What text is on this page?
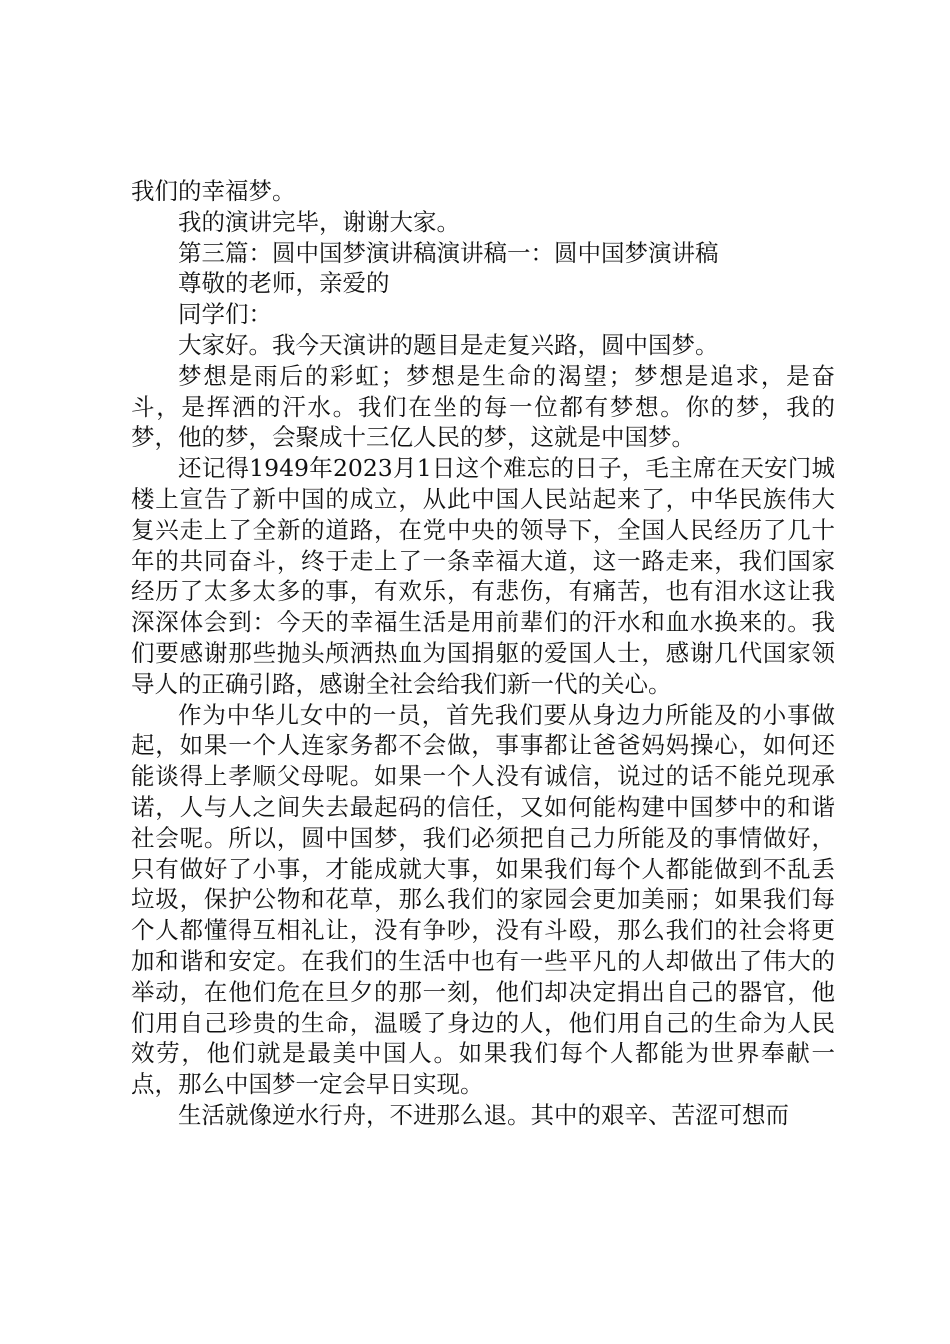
我们的幸福梦。

我的演讲完毕，谢谢大家。

第三篇：圆中国梦演讲稿演讲稿一：圆中国梦演讲稿

尊敬的老师，亲爱的

同学们：

大家好。我今天演讲的题目是走复兴路，圆中国梦。

梦想是雨后的彩虹；梦想是生命的渴望；梦想是追求，是奋斗，是挥洒的汗水。我们在坐的每一位都有梦想。你的梦，我的梦，他的梦，会聚成十三亿人民的梦，这就是中国梦。

还记得1949年2023月1日这个难忘的日子，毛主席在天安门城楼上宣告了新中国的成立，从此中国人民站起来了，中华民族伟大复兴走上了全新的道路，在党中央的领导下，全国人民经历了几十年的共同奋斗，终于走上了一条幸福大道，这一路走来，我们国家经历了太多太多的事，有欢乐，有悲伤，有痛苦，也有泪水这让我深深体会到：今天的幸福生活是用前辈们的汗水和血水换来的。我们要感谢那些抛头颅洒热血为国捐躯的爱国人士，感谢几代国家领导人的正确引路，感谢全社会给我们新一代的关心。

作为中华儿女中的一员，首先我们要从身边力所能及的小事做起，如果一个人连家务都不会做，事事都让爸爸妈妈操心，如何还能谈得上孝顺父母呢。如果一个人没有诚信，说过的话不能兑现承诺，人与人之间失去最起码的信任，又如何能构建中国梦中的和谐社会呢。所以，圆中国梦，我们必须把自己力所能及的事情做好，只有做好了小事，才能成就大事，如果我们每个人都能做到不乱丢垃圾，保护公物和花草，那么我们的家园会更加美丽；如果我们每个人都懂得互相礼让，没有争吵，没有斗殴，那么我们的社会将更加和谐和安定。在我们的生活中也有一些平凡的人却做出了伟大的举动，在他们危在旦夕的那一刻，他们却决定捐出自己的器官，他们用自己珍贵的生命，温暖了身边的人，他们用自己的生命为人民效劳，他们就是最美中国人。如果我们每个人都能为世界奉献一点，那么中国梦一定会早日实现。

生活就像逆水行舟，不进那么退。其中的艰辛、苦涩可想而
